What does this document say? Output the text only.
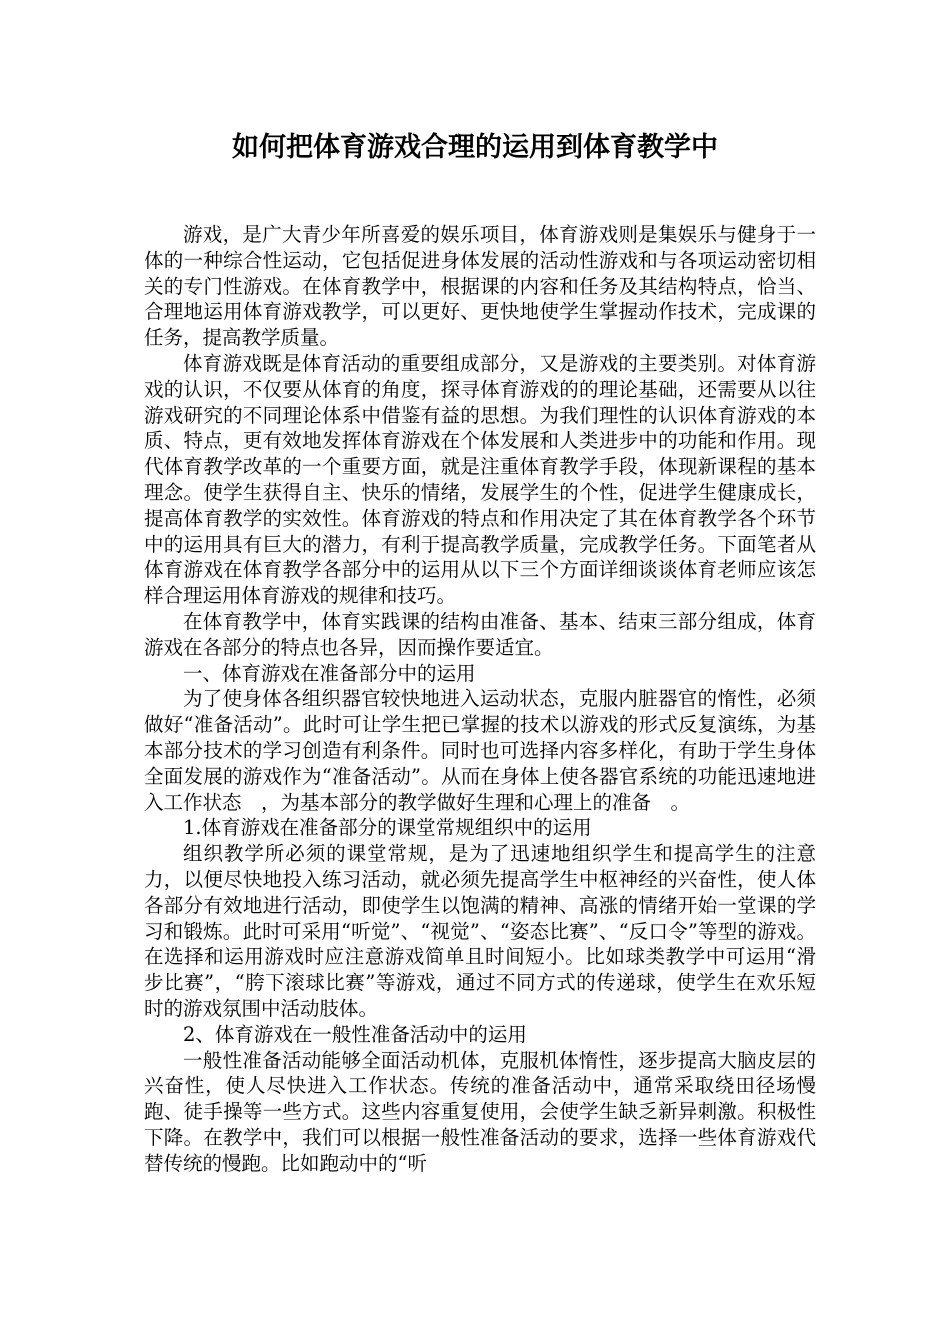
如何把体育游戏合理的运用到体育教学中

游戏，是广大青少年所喜爱的娱乐项目，体育游戏则是集娱乐与健身于一体的一种综合性运动，它包括促进身体发展的活动性游戏和与各项运动密切相关的专门性游戏。在体育教学中，根据课的内容和任务及其结构特点，恰当、合理地运用体育游戏教学，可以更好、更快地使学生掌握动作技术，完成课的任务，提高教学质量。

体育游戏既是体育活动的重要组成部分，又是游戏的主要类别。对体育游戏的认识，不仅要从体育的角度，探寻体育游戏的的理论基础，还需要从以往游戏研究的不同理论体系中借鉴有益的思想。为我们理性的认识体育游戏的本质、特点，更有效地发挥体育游戏在个体发展和人类进步中的功能和作用。现代体育教学改革的一个重要方面，就是注重体育教学手段，体现新课程的基本理念。使学生获得自主、快乐的情绪，发展学生的个性，促进学生健康成长，提高体育教学的实效性。体育游戏的特点和作用决定了其在体育教学各个环节中的运用具有巨大的潜力，有利于提高教学质量，完成教学任务。下面笔者从体育游戏在体育教学各部分中的运用从以下三个方面详细谈谈体育老师应该怎样合理运用体育游戏的规律和技巧。

在体育教学中，体育实践课的结构由准备、基本、结束三部分组成，体育游戏在各部分的特点也各异，因而操作要适宜。

一、体育游戏在准备部分中的运用

为了使身体各组织器官较快地进入运动状态，克服内脏器官的惰性，必须做好“准备活动”。此时可让学生把已掌握的技术以游戏的形式反复演练，为基本部分技术的学习创造有利条件。同时也可选择内容多样化，有助于学生身体全面发展的游戏作为“准备活动”。从而在身体上使各器官系统的功能迅速地进入工作状态　，为基本部分的教学做好生理和心理上的准备　。

1.体育游戏在准备部分的课堂常规组织中的运用

组织教学所必须的课堂常规，是为了迅速地组织学生和提高学生的注意力，以便尽快地投入练习活动，就必须先提高学生中枢神经的兴奋性，使人体各部分有效地进行活动，即使学生以饱满的精神、高涨的情绪开始一堂课的学习和锻炼。此时可采用“听觉”、“视觉”、“姿态比赛”、“反口令”等型的游戏。在选择和运用游戏时应注意游戏简单且时间短小。比如球类教学中可运用“滑步比赛”，“胯下滚球比赛”等游戏，通过不同方式的传递球，使学生在欢乐短时的游戏氛围中活动肢体。

2、体育游戏在一般性准备活动中的运用

一般性准备活动能够全面活动机体，克服机体惰性，逐步提高大脑皮层的兴奋性，使人尽快进入工作状态。传统的准备活动中，通常采取绕田径场慢跑、徒手操等一些方式。这些内容重复使用，会使学生缺乏新异刺激。积极性下降。在教学中，我们可以根据一般性准备活动的要求，选择一些体育游戏代替传统的慢跑。比如跑动中的“听
